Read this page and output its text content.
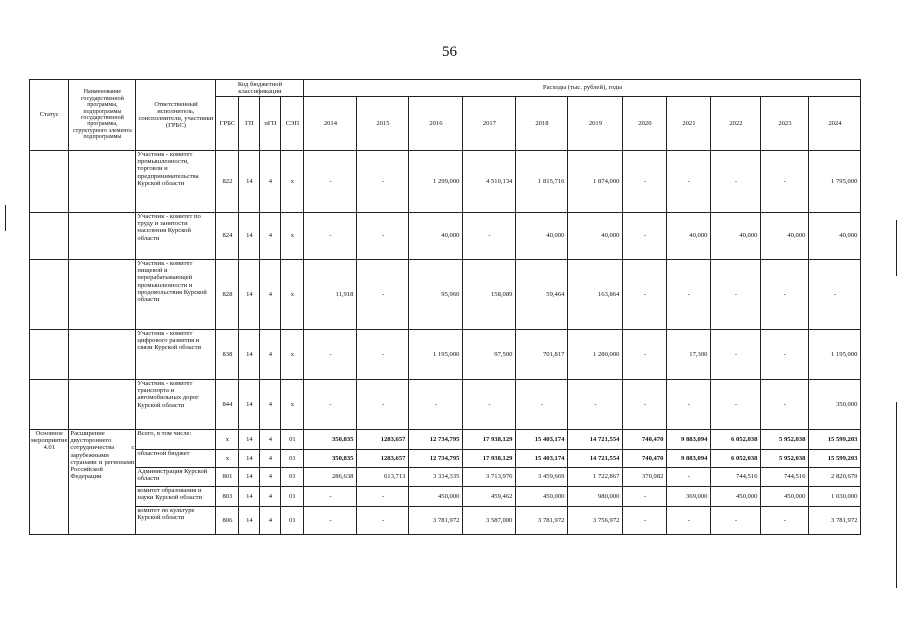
56
Статус	Наименование государственной программы, подпрограммы государственной программы, структурного элемента подпрограммы	Ответственный исполнитель, соисполнители, участники (ГРБС)	Код бюджетной классификации				Расходы (тыс. рублей), годы										
			ГРБС	ГП	пГП	СЭП	2014	2015	2016	2017	2018	2019	2020	2021	2022	2023	2024
		Участник - комитет промышленности, торговли и предпринимательства Курской области	822	14	4	х	-	-	1 299,000	4 510,134	1 815,716	1 874,000	-	-	-	-	1 795,000
		Участник - комитет по труду и занятости населения Курской области	824	14	4	х	-	-	40,000	-	40,000	40,000	-	40,000	40,000	40,000	40,000
		Участник - комитет пищевой и перерабатывающей промышленности и продовольствия Курской области	828	14	4	х	11,918	-	95,960	158,089	59,464	163,864	-	-	-	-	-
		Участник - комитет цифрового развития и связи Курской области	838	14	4	х	-	-	1 195,000	97,500	701,817	1 280,000	-	17,300	-	-	1 195,000
		Участник - комитет транспорта и автомобильных дорог Курской области	844	14	4	х	-	-	-	-	-	-	-	-	-	-	350,000
Основное мероприятие 4.01	Расширение двустороннего сотрудничества с зарубежными странами и регионами Российской Федерации	Всего, в том числе:	х	14	4	01	350,835	1283,657	12 734,795	17 938,129	15 403,174	14 721,554	740,470	9 883,094	6 052,038	5 952,038	15 599,203
		областной бюджет	х	14	4	01	350,835	1283,657	12 734,795	17 938,129	15 403,174	14 721,554	740,470	9 883,094	6 052,038	5 952,038	15 599,203
		Администрация Курской области	801	14	4	01	286,638	613,713	3 334,335	3 713,976	3 459,669	1 722,867	370,982	-	744,516	744,516	2 820,679
		комитет образования и науки Курской области	803	14	4	01	-	-	450,000	459,462	450,000	980,000	-	369,000	450,000	450,000	1 030,000
		комитет по культуре Курской области	806	14	4	01	-	-	3 781,972	3 587,000	3 781,972	3 756,972	-	-	-	-	3 781,972
